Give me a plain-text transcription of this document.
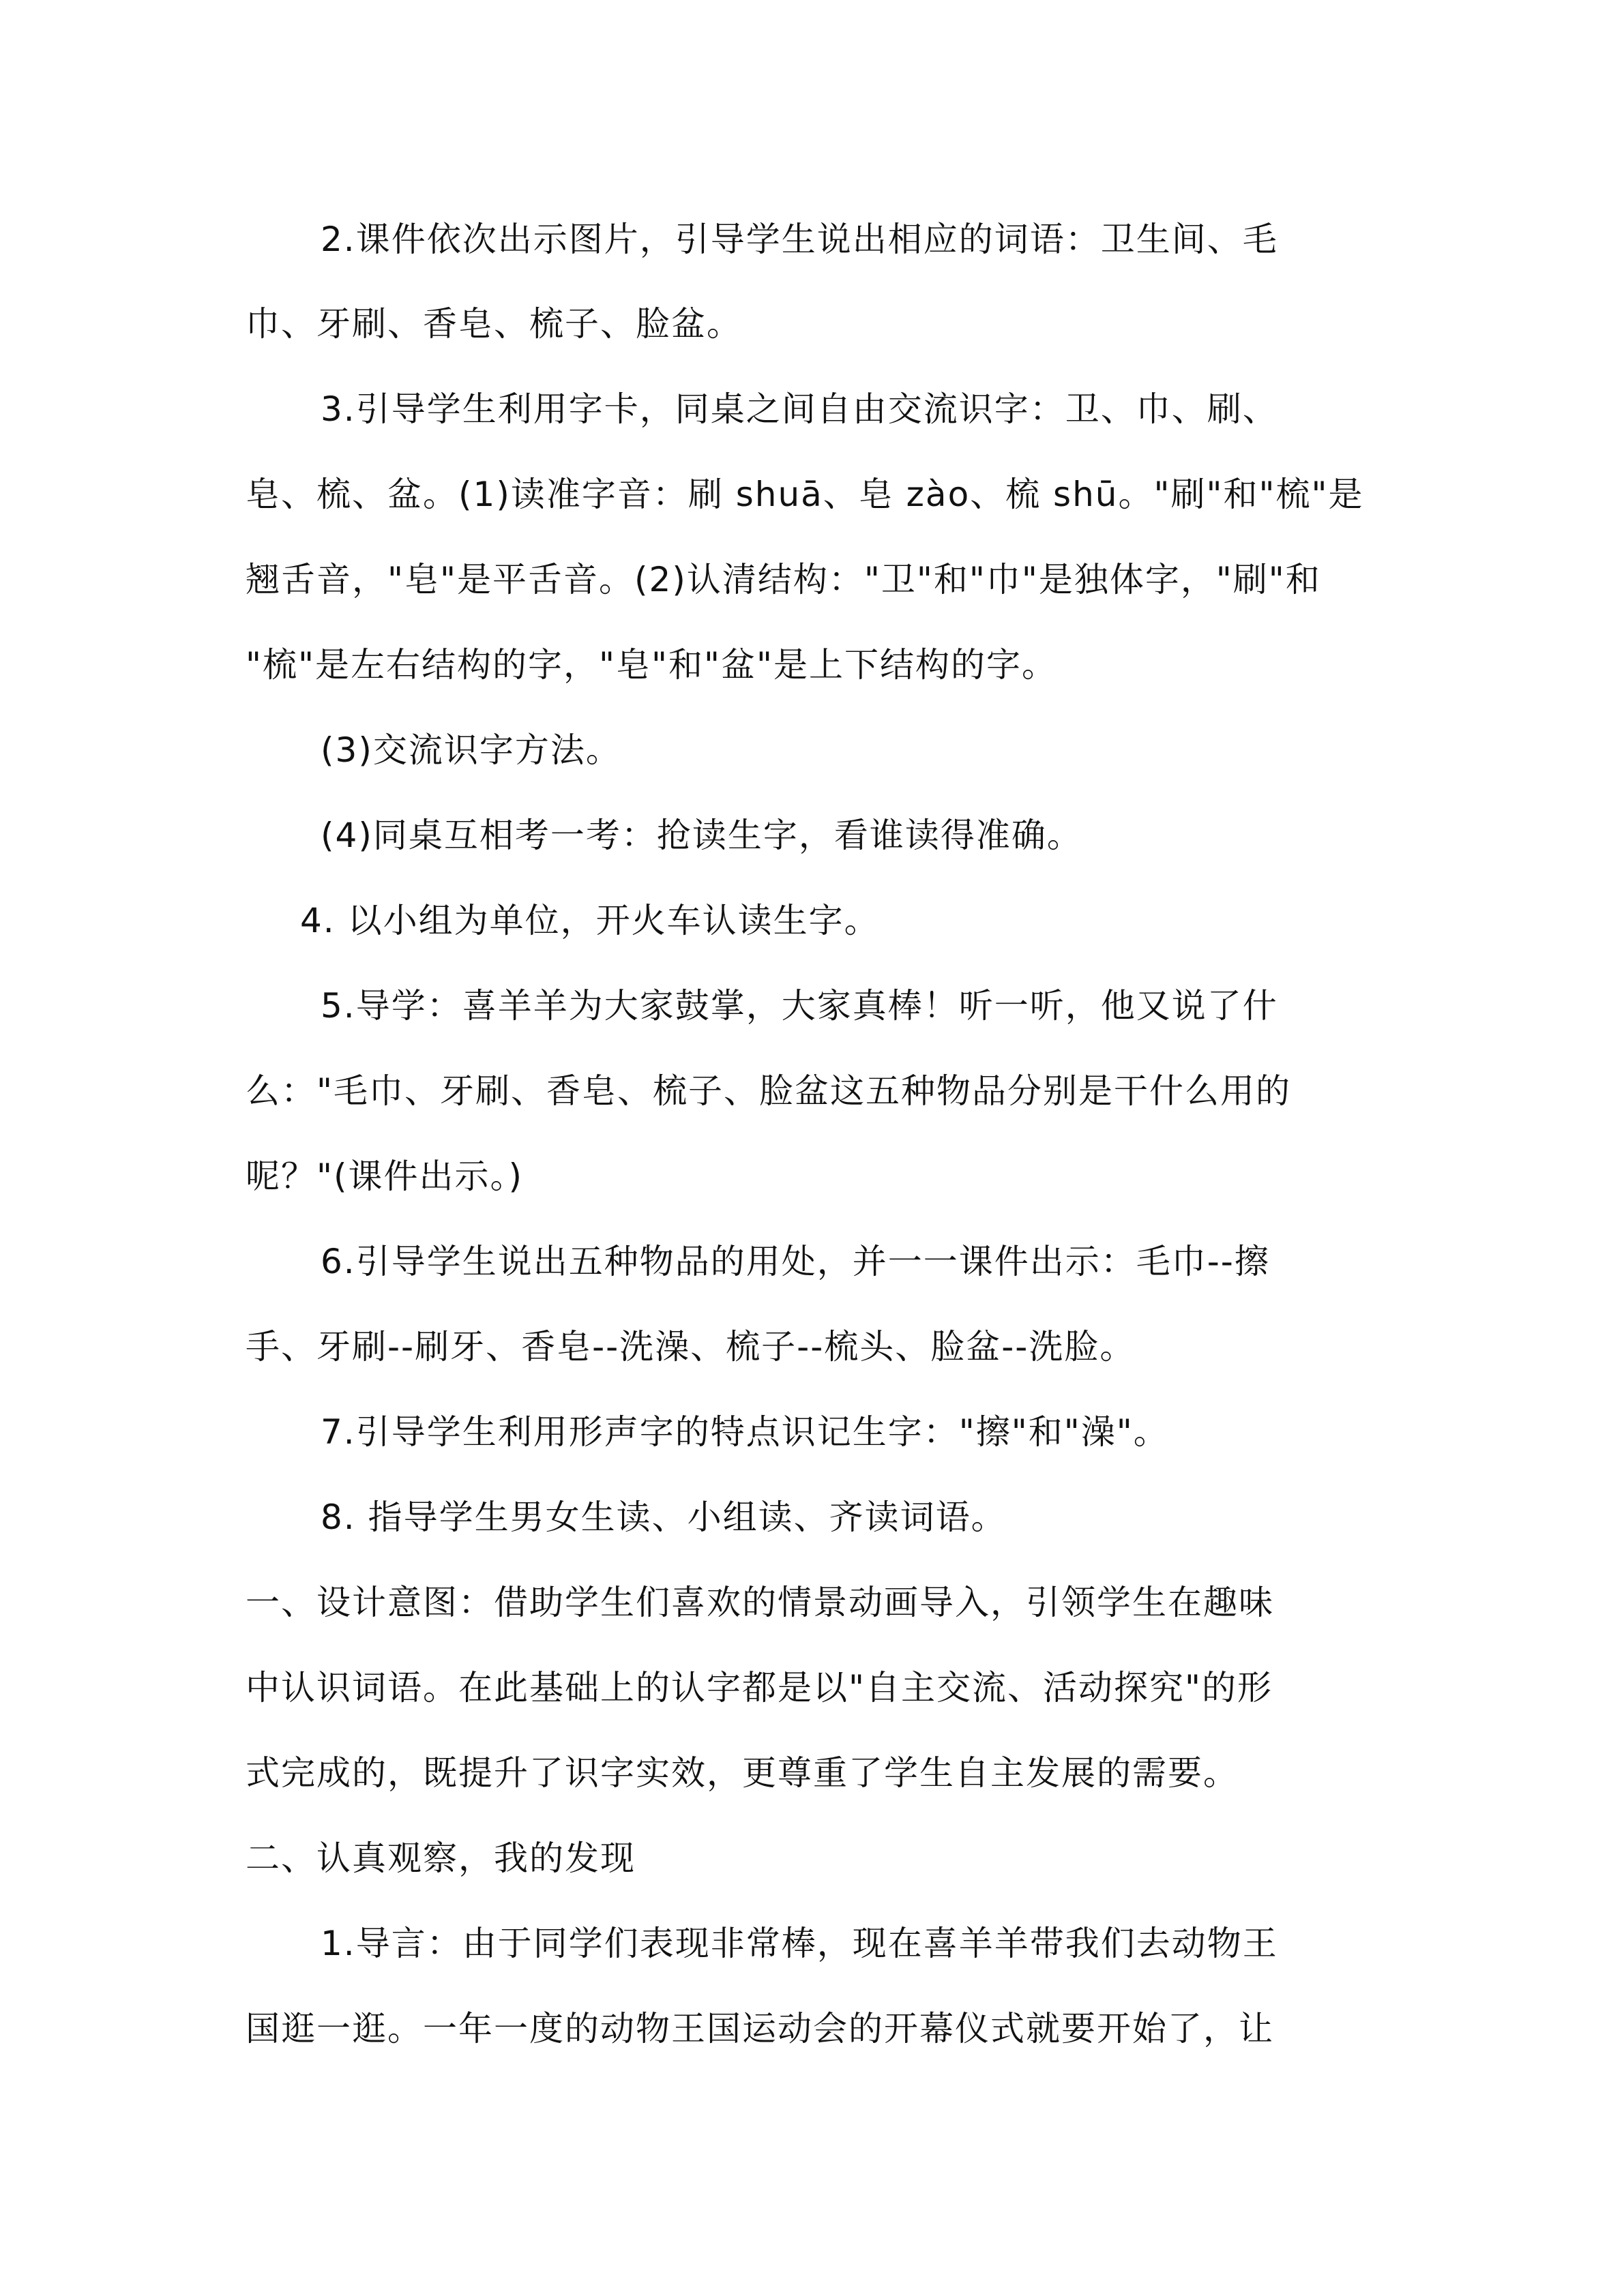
2.课件依次出示图片，引导学生说出相应的词语：卫生间、毛
巾、牙刷、香皂、梳子、脸盆。
3.引导学生利用字卡，同桌之间自由交流识字：卫、巾、刷、
皂、梳、盆。(1)读准字音：刷 shuā、皂 zào、梳 shū。"刷"和"梳"是
翘舌音，"皂"是平舌音。(2)认清结构："卫"和"巾"是独体字，"刷"和
"梳"是左右结构的字，"皂"和"盆"是上下结构的字。
(3)交流识字方法。
(4)同桌互相考一考：抢读生字，看谁读得准确。
4. 以小组为单位，开火车认读生字。
5.导学：喜羊羊为大家鼓掌，大家真棒！听一听，他又说了什
么："毛巾、牙刷、香皂、梳子、脸盆这五种物品分别是干什么用的
呢？"(课件出示。)
6.引导学生说出五种物品的用处，并一一课件出示：毛巾--擦
手、牙刷--刷牙、香皂--洗澡、梳子--梳头、脸盆--洗脸。
7.引导学生利用形声字的特点识记生字："擦"和"澡"。
8. 指导学生男女生读、小组读、齐读词语。
一、设计意图：借助学生们喜欢的情景动画导入，引领学生在趣味
中认识词语。在此基础上的认字都是以"自主交流、活动探究"的形
式完成的，既提升了识字实效，更尊重了学生自主发展的需要。
二、认真观察，我的发现
1.导言：由于同学们表现非常棒，现在喜羊羊带我们去动物王
国逛一逛。一年一度的动物王国运动会的开幕仪式就要开始了，让
